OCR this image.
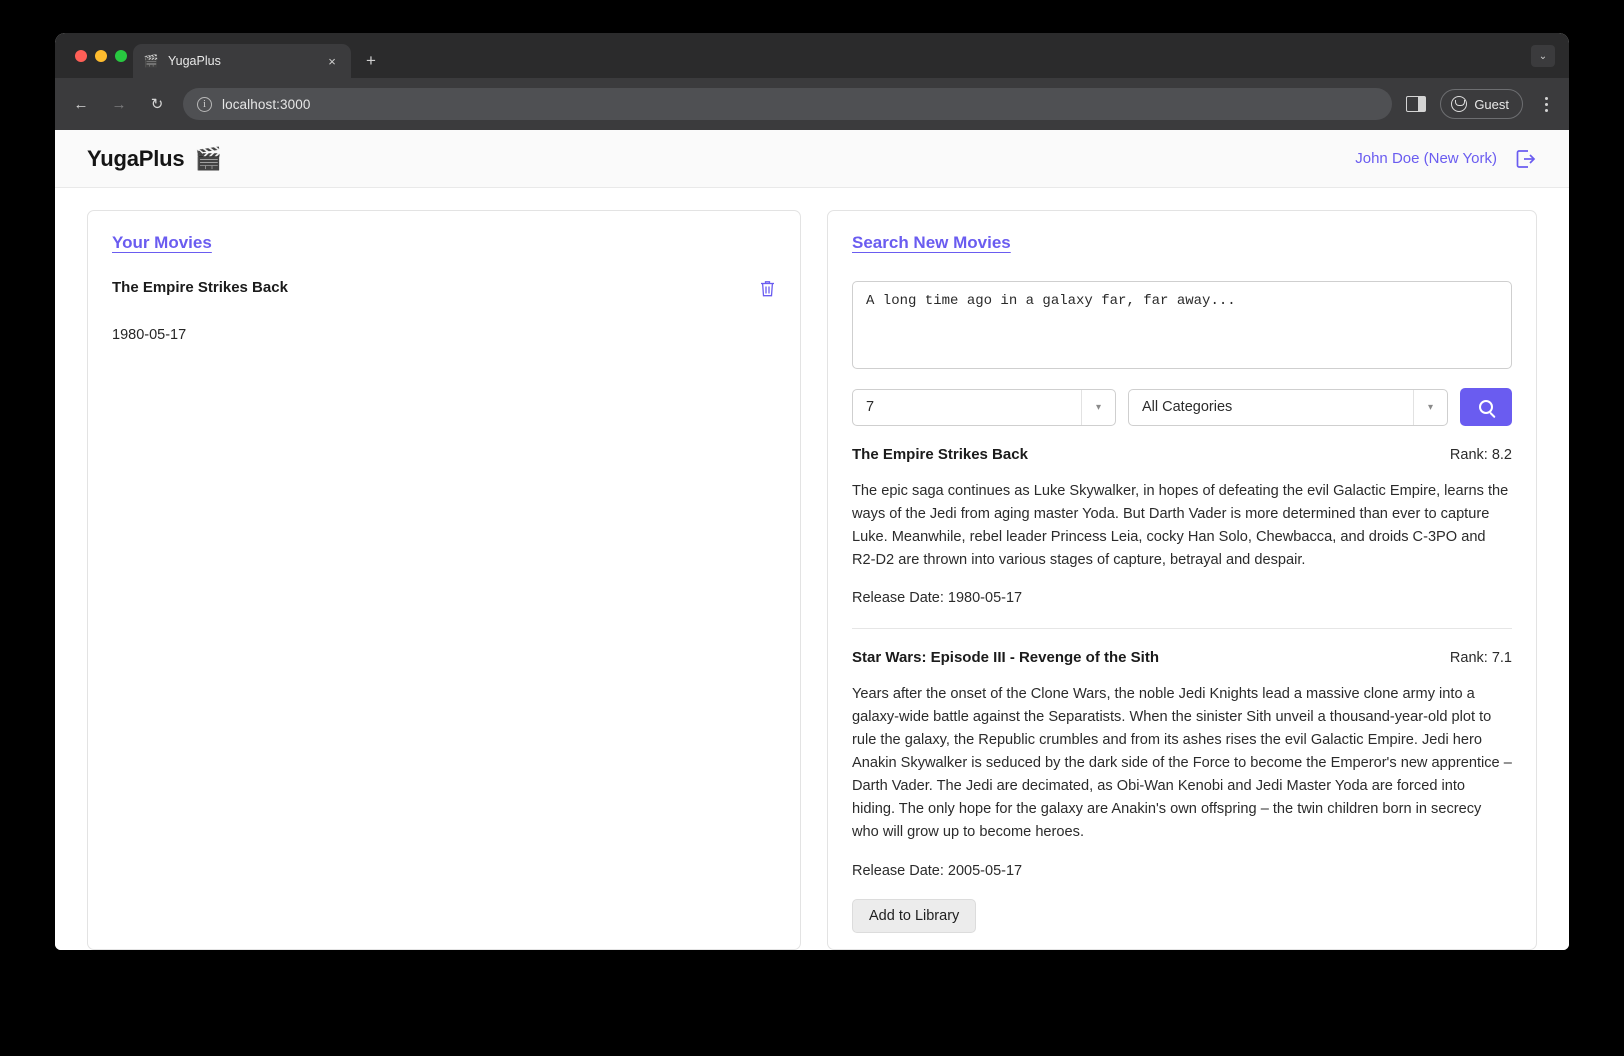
🎬 YugaPlus	×	+	⌄
←	→	↻	i	localhost:3000	Guest
YugaPlus 🎬	John Doe (New York)
Your Movies
The Empire Strikes Back
1980-05-17
Search New Movies
A long time ago in a galaxy far, far away...
7	▾	All Categories	▾
The Empire Strikes Back	Rank: 8.2
The epic saga continues as Luke Skywalker, in hopes of defeating the evil Galactic Empire, learns the ways of the Jedi from aging master Yoda. But Darth Vader is more determined than ever to capture Luke. Meanwhile, rebel leader Princess Leia, cocky Han Solo, Chewbacca, and droids C-3PO and R2-D2 are thrown into various stages of capture, betrayal and despair.
Release Date: 1980-05-17
Star Wars: Episode III - Revenge of the Sith	Rank: 7.1
Years after the onset of the Clone Wars, the noble Jedi Knights lead a massive clone army into a galaxy-wide battle against the Separatists. When the sinister Sith unveil a thousand-year-old plot to rule the galaxy, the Republic crumbles and from its ashes rises the evil Galactic Empire. Jedi hero Anakin Skywalker is seduced by the dark side of the Force to become the Emperor's new apprentice – Darth Vader. The Jedi are decimated, as Obi-Wan Kenobi and Jedi Master Yoda are forced into hiding. The only hope for the galaxy are Anakin's own offspring – the twin children born in secrecy who will grow up to become heroes.
Release Date: 2005-05-17
Add to Library
